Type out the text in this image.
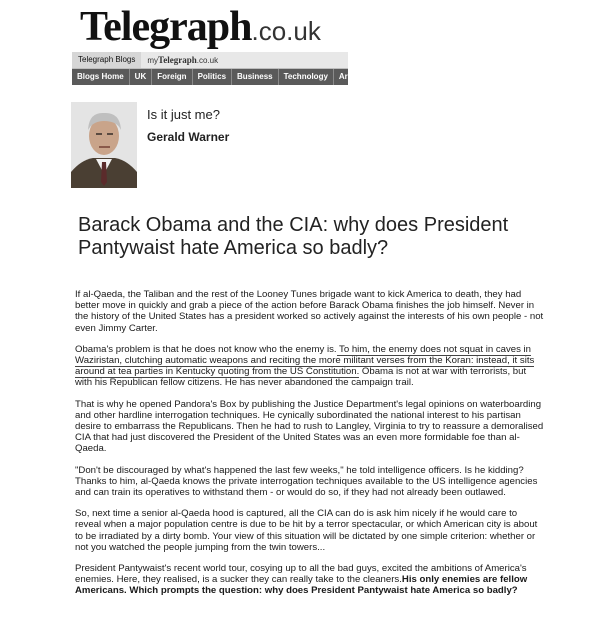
Telegraph.co.uk
Telegraph Blogs	myTelegraph.co.uk
Blogs Home	UK	Foreign	Politics	Business	Technology	Ar
Is it just me?
Gerald Warner
Barack Obama and the CIA: why does President Pantywaist hate America so badly?

If al-Qaeda, the Taliban and the rest of the Looney Tunes brigade want to kick America to death, they had better move in quickly and grab a piece of the action before Barack Obama finishes the job himself. Never in the history of the United States has a president worked so actively against the interests of his own people - not even Jimmy Carter.

Obama's problem is that he does not know who the enemy is. To him, the enemy does not squat in caves in Waziristan, clutching automatic weapons and reciting the more militant verses from the Koran: instead, it sits around at tea parties in Kentucky quoting from the US Constitution. Obama is not at war with terrorists, but with his Republican fellow citizens. He has never abandoned the campaign trail.

That is why he opened Pandora's Box by publishing the Justice Department's legal opinions on waterboarding and other hardline interrogation techniques. He cynically subordinated the national interest to his partisan desire to embarrass the Republicans. Then he had to rush to Langley, Virginia to try to reassure a demoralised CIA that had just discovered the President of the United States was an even more formidable foe than al-Qaeda.

"Don't be discouraged by what's happened the last few weeks," he told intelligence officers. Is he kidding? Thanks to him, al-Qaeda knows the private interrogation techniques available to the US intelligence agencies and can train its operatives to withstand them - or would do so, if they had not already been outlawed.

So, next time a senior al-Qaeda hood is captured, all the CIA can do is ask him nicely if he would care to reveal when a major population centre is due to be hit by a terror spectacular, or which American city is about to be irradiated by a dirty bomb. Your view of this situation will be dictated by one simple criterion: whether or not you watched the people jumping from the twin towers...

President Pantywaist's recent world tour, cosying up to all the bad guys, excited the ambitions of America's enemies. Here, they realised, is a sucker they can really take to the cleaners.His only enemies are fellow Americans. Which prompts the question: why does President Pantywaist hate America so badly?
